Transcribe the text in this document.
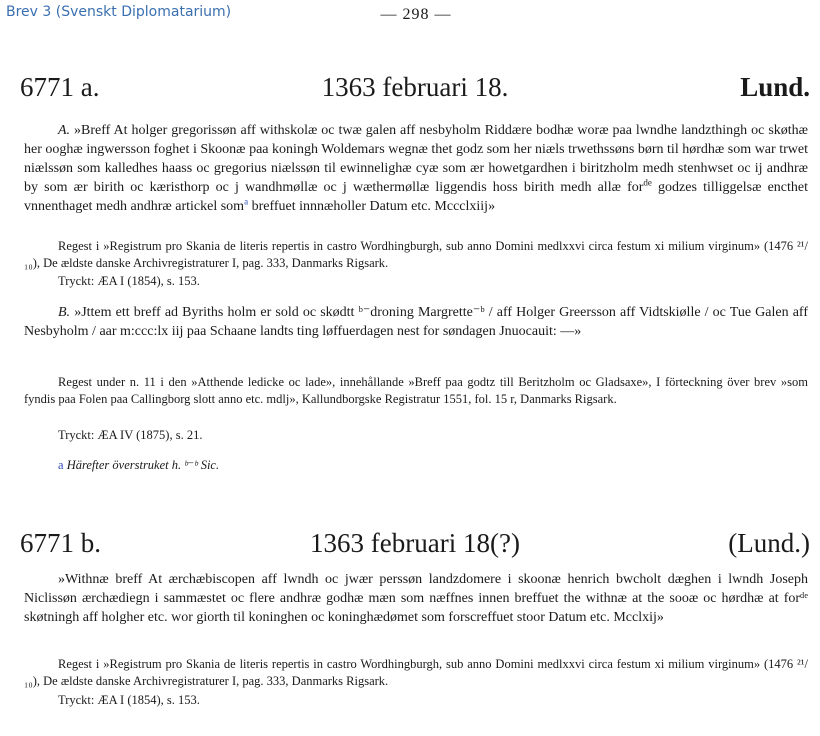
Brev 3 (Svenskt Diplomatarium)	— 298 —
6771 a.	1363 februari 18.	Lund.
A. »Breff At holger gregorissøn aff withskolæ oc twæ galen aff nesbyholm Riddære bodhæ woræ paa lwndhe landzthingh oc skøthæ her ooghæ ingwersson foghet i Skoonæ paa koningh Woldemars wegnæ thet godz som her niæls trwethssøns børn til hørdhæ som war trwet niælssøn som kalledhes haass oc gregorius niælssøn til ewinnelighæ cyæ som ær howetgardhen i biritzholm medh stenhwset oc ij andhræ by som ær birith oc kæristhorp oc j wandhmøllæ oc j wæthermøllæ liggendis hoss birith medh allæ for$^{de}$ godzes tilliggelsæ encthet vnnenthaget medh andhræ artickel som$^a$ breffuet innnæholler Datum etc. Mccclxiij»
Regest i »Registrum pro Skania de literis repertis in castro Wordhingburgh, sub anno Domini medlxxvi circa festum xi milium virginum» (1476 ²¹/₁₀), De ældste danske Archivregistraturer I, pag. 333, Danmarks Rigsark.
Tryckt: ÆA I (1854), s. 153.
B. »Jttem ett breff ad Byriths holm er sold oc skødtt ᵇ⁻droning Margrette⁻ᵇ / aff Holger Greersson aff Vidtskiølle / oc Tue Galen aff Nesbyholm / aar m:ccc:lx iij paa Schaane landts ting løffuerdagen nest for søndagen Jnuocauit: —»
Regest under n. 11 i den »Atthende ledicke oc lade», innehållande »Breff paa godtz till Beritzholm oc Gladsaxe», I förteckning över brev »som fyndis paa Folen paa Callingborg slott anno etc. mdlj», Kallundborgske Registratur 1551, fol. 15 r, Danmarks Rigsark.
Tryckt: ÆA IV (1875), s. 21.
a Härefter överstruket h. ᵇ⁻ᵇ Sic.
6771 b.	1363 februari 18(?)	(Lund.)
»Withnæ breff At ærchæbiscopen aff lwndh oc jwær perssøn landzdomere i skoonæ henrich bwcholt dæghen i lwndh Joseph Niclissøn ærchædiegn i sammæstet oc flere andhræ godhæ mæn som næffnes innen breffuet the withnæ at the sooæ oc hørdhæ at forᵈᵉ skøtningh aff holgher etc. wor giorth til koninghen oc koninghædømet som forscreffuet stoor Datum etc. Mcclxij»
Regest i »Registrum pro Skania de literis repertis in castro Wordhingburgh, sub anno Domini medlxxvi circa festum xi milium virginum» (1476 ²¹/₁₀), De ældste danske Archivregistraturer I, pag. 333, Danmarks Rigsark.
Tryckt: ÆA I (1854), s. 153.
